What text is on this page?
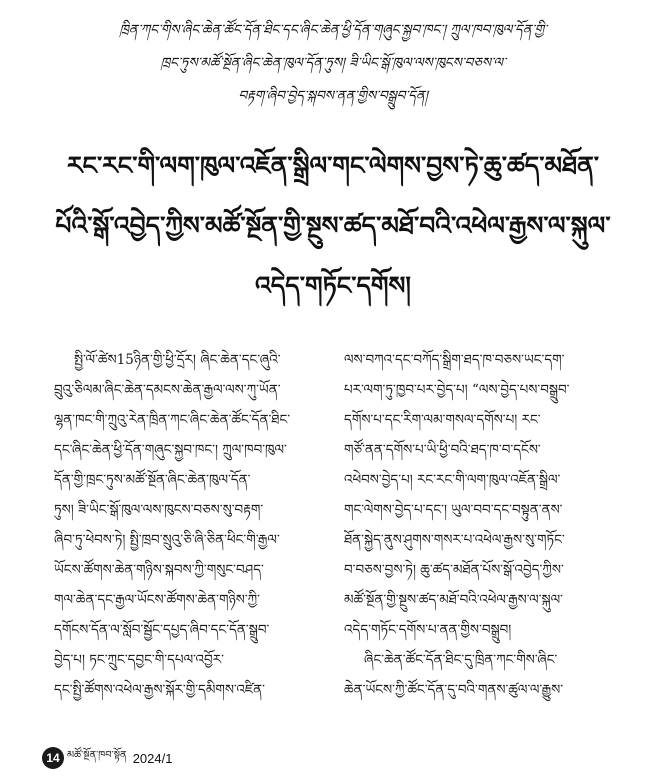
ཁྲིན་ཀང་གིས་ཞིང་ཆེན་ཚོང་དོན་ཐིང་དང་ཞིང་ཆེན་ཕྱི་དོན་གཞུང་སྐྱབ་ཁང་། ཀྲུལ་ཁབ་ཁུལ་དོན་གྱི་
ཁྲང་ཏུས་མཚོ་སྔོན་ཞིང་ཆེན་ཁུལ་དོན་ཏུས། ཟི་ཡིང་སྒོ་ཁུལ་ལས་ཁུངས་བཅས་ལ་
བརྟག་ཞིབ་བྱེད་སྐབས་ནན་གྱིས་བསྒྲུབ་དོན།
རང་རང་གི་ལག་ཁུལ་འཇོན་སྒྲིལ་གང་ལེགས་བྱས་ཏེ་ཆུ་ཚད་མཐོན་
པོའི་སྒོ་འབྱེད་ཀྱིས་མཚོ་སྔོན་གྱི་སྔུས་ཚད་མཐོ་བའི་འཕེལ་རྒྱས་ལ་སྐུལ་
འདེད་གཏོང་དགོས།
སྤྱི་ལོ་ཚེས15ཉིན་གྱི་ཕྱི་དྲོར། ཞིང་ཆེན་དང་ཞུའི་
བྲུའུ་ཅིལམ་ཞིང་ཆེན་དམངས་ཆེན་རྒྱལ་ལས་ཀུ་ཡོན་
ལྷན་ཁང་གི་ཀྲུའུ་རེན་ཁྲིན་ཀང་ཞིང་ཆེན་ཚོང་དོན་ཐིང་
དང་ཞིང་ཆེན་ཕྱི་དོན་གཞུང་སྐྱབ་ཁང་། ཀྲུལ་ཁབ་ཁུལ་
དོན་གྱི་ཁྲང་ཏུས་མཚོ་སྔོན་ཞིང་ཆེན་ཁུལ་དོན་
ཏུས། ཟི་ཡིང་སྒོ་ཁུལ་ལས་ཁུངས་བཅས་སུ་བརྟག་
ཞིབ་ཏུ་ཕེབས་ཏེ། སྤྱི་ཁྲབ་སྲུའུ་ཅི་ཞི་ཅིན་ཕིང་གི་རྒྱལ་
ཡོངས་ཚོགས་ཆེན་གཉིས་སྐབས་ཀྱི་གསུང་བཤད་
གལ་ཆེན་དང་རྒྱལ་ཡོངས་ཚོགས་ཆེན་གཉིས་ཀྱི་
དགོངས་དོན་ལ་སློབ་སྦྱོང་དཔྱད་ཞིབ་དང་དོན་སྒྲུབ་
བྱེད་པ། ཏང་ཀྲུང་དབྱང་གི་དཔལ་འབྱོར་
དང་སྤྱི་ཚོགས་འཕེལ་རྒྱས་སྐོར་གྱི་དམིགས་འཛིན་
ལས་བཀའ་དང་བཀོད་སྒྲིག་ཐད་ཁ་བཅས་ཡང་དག་
པར་ལག་ཏུ་ཁྱབ་པར་བྱེད་པ། “ལས་བྱེད་པས་བསྒྲུབ་
དགོས་པ་དང་རིག་ལམ་གསལ་དགོས་པ། རང་
གཙོ་ནན་དགོས་པ་ཡི་ཕྱི་བའི་ཐད་ཁ་བ་དངོས་
འཕེབས་བྱེད་པ། རང་རང་གི་ལག་ཁུལ་འཇོན་སྒྲིལ་
གང་ལེགས་བྱེད་པ་དང་། ཡུལ་བབ་དང་བསྟུན་ནས་
ཐོན་སྐྱེད་ནུས་ཤུགས་གསར་པ་འཕེལ་རྒྱས་སུ་གཏོང་
བ་བཅས་བྱས་ཏེ། ཆུ་ཚད་མཐོན་པོས་སྒོ་འབྱེད་ཀྱིས་
མཚོ་སྔོན་གྱི་སྔུས་ཚད་མཐོ་བའི་འཕེལ་རྒྱས་ལ་སྐུལ་
འདེད་གཏོང་དགོས་པ་ནན་གྱིས་བསྒྲུབ།
ཞིང་ཆེན་ཚོང་དོན་ཐིང་དུ་ཁྲིན་ཀང་གིས་ཞིང་
ཆེན་ཡོངས་ཀྱི་ཚོང་དོན་དུ་བའི་གནས་ཚུལ་ལ་རྒྱུས་
14 མཚོ་སྔོན་ཁབ་སྟོན 2024/1
